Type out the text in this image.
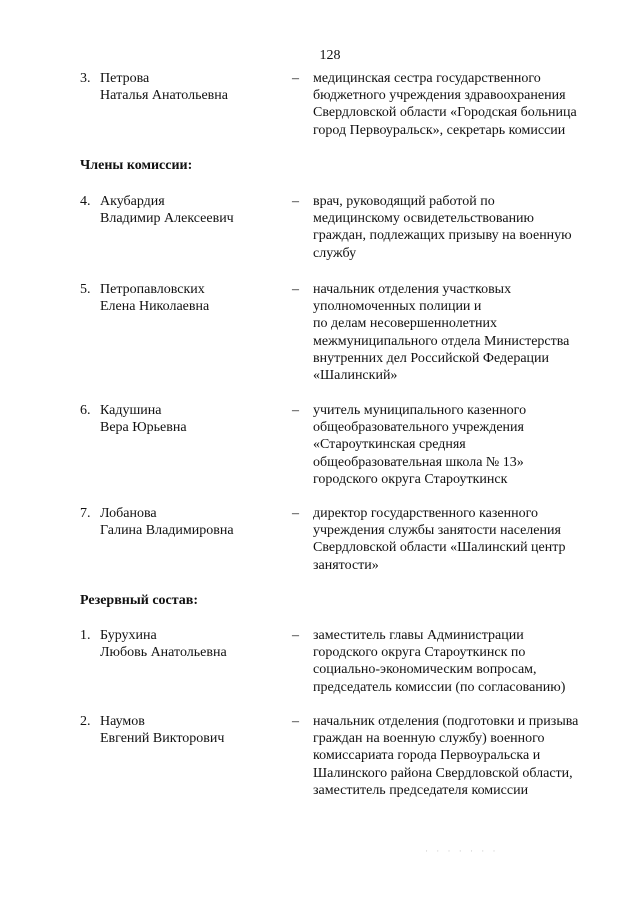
128
3. Петрова
Наталья Анатольевна
– медицинская сестра государственного
бюджетного учреждения здравоохранения
Свердловской области «Городская больница
город Первоуральск», секретарь комиссии
Члены комиссии:
4. Акубардия
Владимир Алексеевич
– врач, руководящий работой по
медицинскому освидетельствованию
граждан, подлежащих призыву на военную
службу
5. Петропавловских
Елена Николаевна
– начальник отделения участковых
уполномоченных полиции и
по делам несовершеннолетних
межмуниципального отдела Министерства
внутренних дел Российской Федерации
«Шалинский»
6. Кадушина
Вера Юрьевна
– учитель муниципального казенного
общеобразовательного учреждения
«Староуткинская средняя
общеобразовательная школа № 13»
городского округа Староуткинск
7. Лобанова
Галина Владимировна
– директор государственного казенного
учреждения службы занятости населения
Свердловской области «Шалинский центр
занятости»
Резервный состав:
1. Бурухина
Любовь Анатольевна
– заместитель главы Администрации
городского округа Староуткинск по
социально-экономическим вопросам,
председатель комиссии (по согласованию)
2. Наумов
Евгений Викторович
– начальник отделения (подготовки и призыва
граждан на военную службу) военного
комиссариата города Первоуральска и
Шалинского района Свердловской области,
заместитель председателя комиссии
· · · · · · ·
